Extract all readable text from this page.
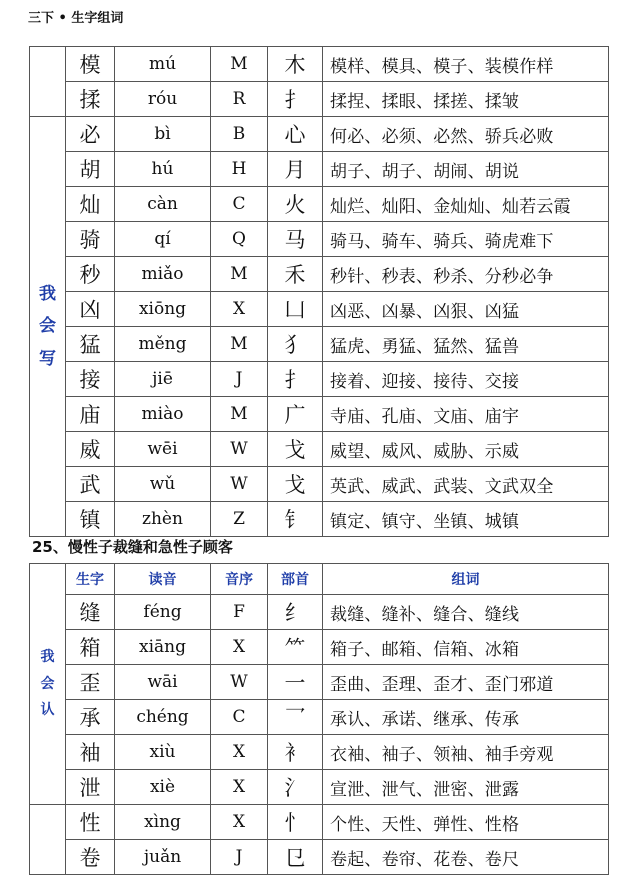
三下 • 生字组词
	模	mú	M	木	模样、模具、模子、装模作样
	揉	róu	R	扌	揉捏、揉眼、揉搓、揉皱
我会写	必	bì	B	心	何必、必须、必然、骄兵必败
	胡	hú	H	月	胡子、胡子、胡闹、胡说
	灿	càn	C	火	灿烂、灿阳、金灿灿、灿若云霞
	骑	qí	Q	马	骑马、骑车、骑兵、骑虎难下
	秒	miǎo	M	禾	秒针、秒表、秒杀、分秒必争
	凶	xiōng	X	凵	凶恶、凶暴、凶狠、凶猛
	猛	měng	M	犭	猛虎、勇猛、猛然、猛兽
	接	jiē	J	扌	接着、迎接、接待、交接
	庙	miào	M	广	寺庙、孔庙、文庙、庙宇
	威	wēi	W	戈	威望、威风、威胁、示威
	武	wǔ	W	戈	英武、威武、武装、文武双全
	镇	zhèn	Z	钅	镇定、镇守、坐镇、城镇
25、慢性子裁缝和急性子顾客
我会认	生字	读音	音序	部首	组词
	缝	féng	F	纟	裁缝、缝补、缝合、缝线
	箱	xiāng	X	⺮	箱子、邮箱、信箱、冰箱
	歪	wāi	W	一	歪曲、歪理、歪才、歪门邪道
	承	chéng	C	乛	承认、承诺、继承、传承
	袖	xiù	X	衤	衣袖、袖子、领袖、袖手旁观
	泄	xiè	X	氵	宣泄、泄气、泄密、泄露
	性	xìng	X	忄	个性、天性、弹性、性格
	卷	juǎn	J	㔾	卷起、卷帘、花卷、卷尺
